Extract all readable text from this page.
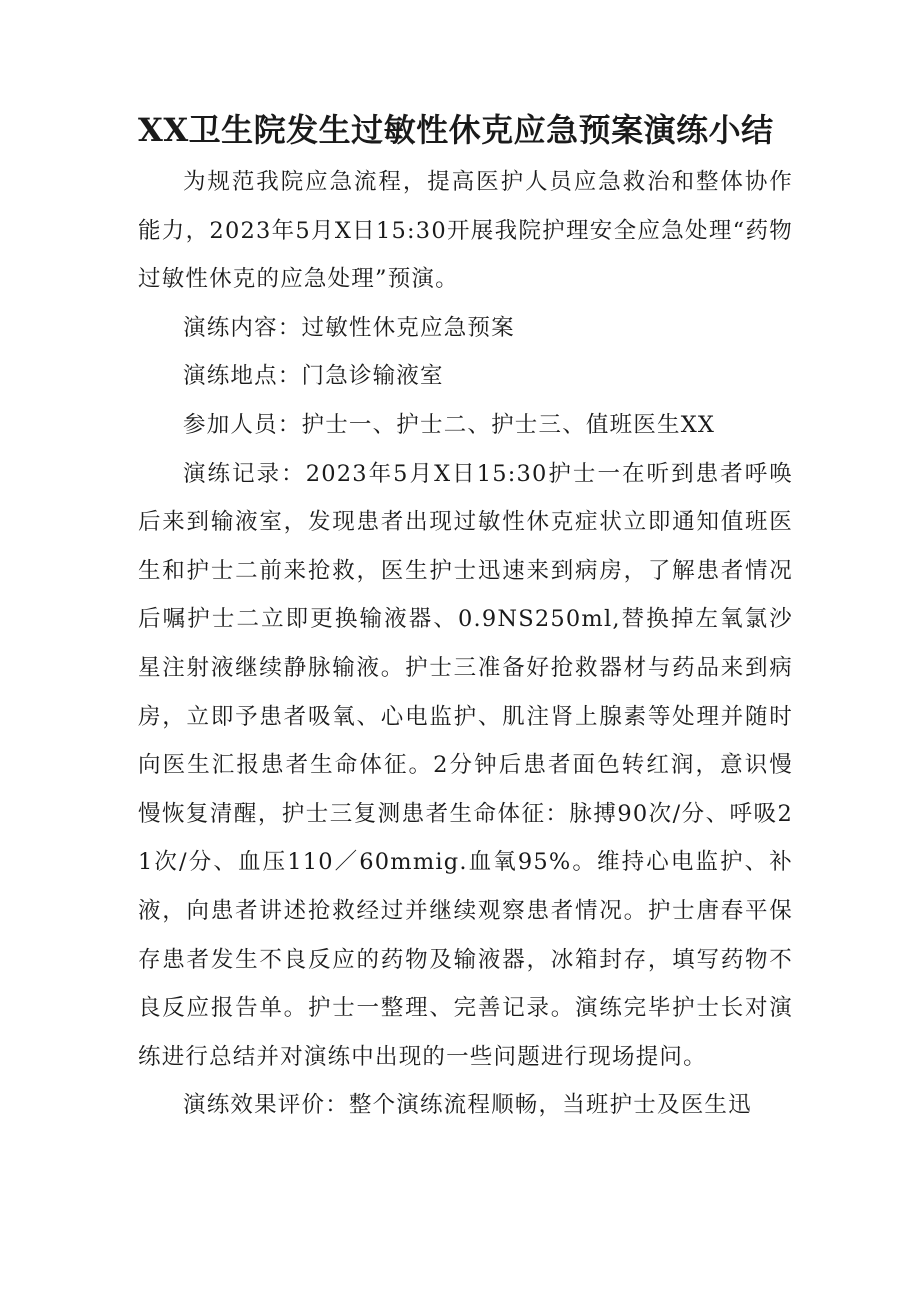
XX卫生院发生过敏性休克应急预案演练小结

为规范我院应急流程，提高医护人员应急救治和整体协作能力，2023年5月X日15:30开展我院护理安全应急处理“药物过敏性休克的应急处理”预演。

演练内容：过敏性休克应急预案

演练地点：门急诊输液室

参加人员：护士一、护士二、护士三、值班医生XX

演练记录：2023年5月X日15:30护士一在听到患者呼唤后来到输液室，发现患者出现过敏性休克症状立即通知值班医生和护士二前来抢救，医生护士迅速来到病房，了解患者情况后嘱护士二立即更换输液器、0.9NS250ml,替换掉左氧氯沙星注射液继续静脉输液。护士三准备好抢救器材与药品来到病房，立即予患者吸氧、心电监护、肌注肾上腺素等处理并随时向医生汇报患者生命体征。2分钟后患者面色转红润，意识慢慢恢复清醒，护士三复测患者生命体征：脉搏90次/分、呼吸21次/分、血压110／60mmig.血氧95%。维持心电监护、补液，向患者讲述抢救经过并继续观察患者情况。护士唐春平保存患者发生不良反应的药物及输液器，冰箱封存，填写药物不良反应报告单。护士一整理、完善记录。演练完毕护士长对演练进行总结并对演练中出现的一些问题进行现场提问。

演练效果评价：整个演练流程顺畅，当班护士及医生迅
